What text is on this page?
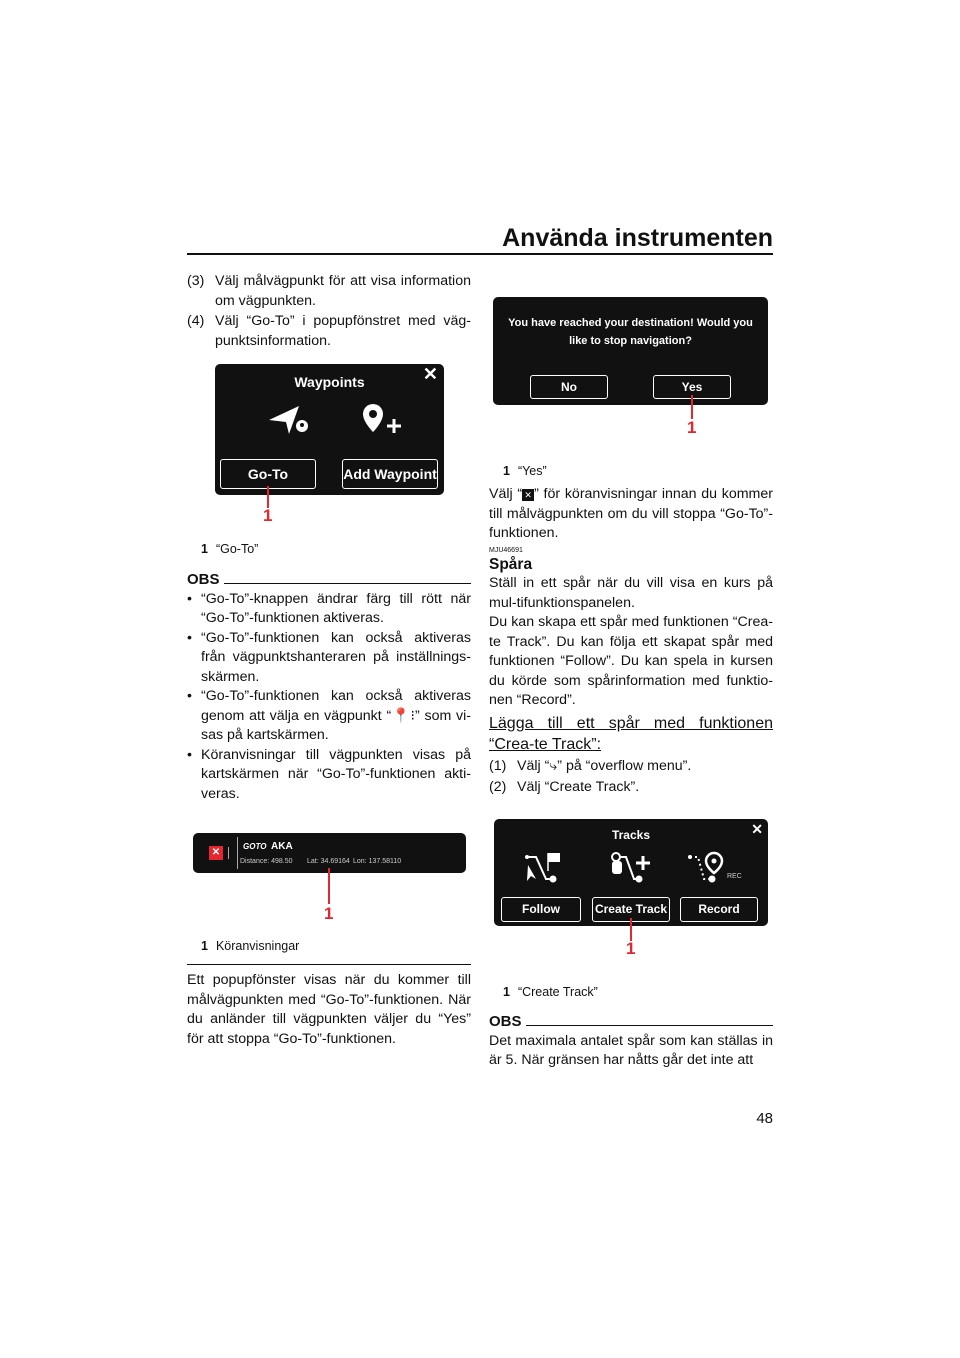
Använda instrumenten
(3) Välj målvägpunkt för att visa information om vägpunkten.
(4) Välj “Go-To” i popupfönstret med väg-punktsinformation.
Waypoints	✕
Go-To	Add Waypoint
1
1 “Go-To”
OBS
• “Go-To”-knappen ändrar färg till rött när “Go-To”-funktionen aktiveras.
• “Go-To”-funktionen kan också aktiveras från vägpunktshanteraren på inställnings-skärmen.
• “Go-To”-funktionen kan också aktiveras genom att välja en vägpunkt “📍⁝” som vi-sas på kartskärmen.
• Köranvisningar till vägpunkten visas på kartskärmen när “Go-To”-funktionen akti-veras.
✕
GOTO AKA
Distance: 498.50 Lat: 34.69164 Lon: 137.58110
1
1 Köranvisningar
Ett popupfönster visas när du kommer till målvägpunkten med “Go-To”-funktionen. När du anländer till vägpunkten väljer du “Yes” för att stoppa “Go-To”-funktionen.
You have reached your destination! Would you like to stop navigation?
No	Yes
1
1 “Yes”
Välj “ ✕ ” för köranvisningar innan du kommer till målvägpunkten om du vill stoppa “Go-To”-funktionen.
MJU46691
Spåra
Ställ in ett spår när du vill visa en kurs på mul-tifunktionspanelen.
Du kan skapa ett spår med funktionen “Crea-te Track”. Du kan följa ett skapat spår med funktionen “Follow”. Du kan spela in kursen du körde som spårinformation med funktio-nen “Record”.
Lägga till ett spår med funktionen “Crea-te Track”:
(1) Välj “⤷” på “overflow menu”.
(2) Välj “Create Track”.
Tracks	✕
REC
Follow	Create Track	Record
1
1 “Create Track”
OBS
Det maximala antalet spår som kan ställas in är 5. När gränsen har nåtts går det inte att
48
